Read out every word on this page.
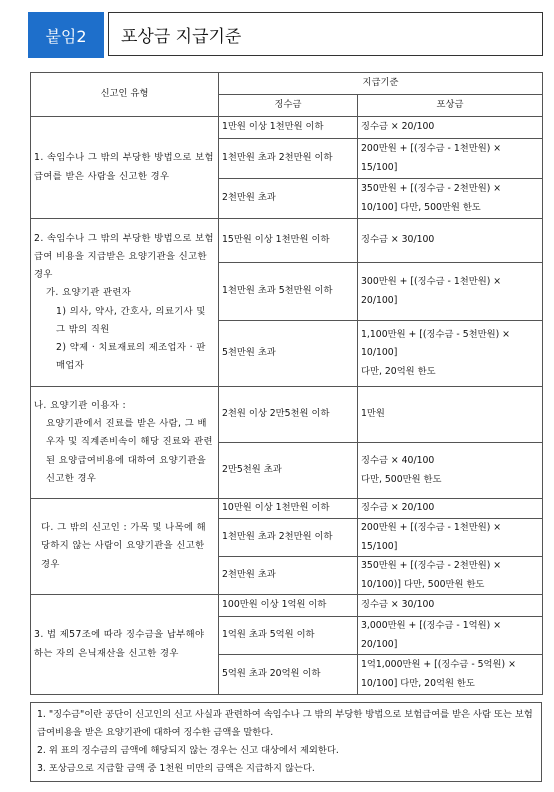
붙임2	포상금 지급기준
신고인 유형	지급기준	
	징수금	포상금
1. 속임수나 그 밖의 부당한 방법으로 보험급여를 받은 사람을 신고한 경우	1만원 이상 1천만원 이하	징수금 × 20/100
	1천만원 초과 2천만원 이하	200만원 + [(징수금 - 1천만원) × 15/100]
	2천만원 초과	350만원 + [(징수금 - 2천만원) × 10/100] 다만, 500만원 한도

2. 속임수나 그 밖의 부당한 방법으로 보험급여 비용을 지급받은 요양기관을 신고한 경우
가. 요양기관 관련자
1) 의사, 약사, 간호사, 의료기사 및 그 밖의 직원
2) 약제 · 치료재료의 제조업자 · 판매업자	15만원 이상 1천만원 이하	징수금 × 30/100
	1천만원 초과 5천만원 이하	300만원 + [(징수금 - 1천만원) × 20/100]
	5천만원 초과	1,100만원 + [(징수금 - 5천만원) × 10/100]
다만, 20억원 한도

나. 요양기관 이용자 :
요양기관에서 진료를 받은 사람, 그 배우자 및 직계존비속이 해당 진료와 관련된 요양급여비용에 대하여 요양기관을 신고한 경우	2천원 이상 2만5천원 이하	1만원
	2만5천원 초과	징수금 × 40/100
다만, 500만원 한도

다. 그 밖의 신고인 : 가목 및 나목에 해당하지 않는 사람이 요양기관을 신고한 경우	10만원 이상 1천만원 이하	징수금 × 20/100
	1천만원 초과 2천만원 이하	200만원 + [(징수금 - 1천만원) × 15/100]
	2천만원 초과	350만원 + [(징수금 - 2천만원) × 10/100)] 다만, 500만원 한도
3. 법 제57조에 따라 징수금을 납부해야 하는 자의 은닉재산을 신고한 경우	100만원 이상 1억원 이하	징수금 × 30/100
	1억원 초과 5억원 이하	3,000만원 + [(징수금 - 1억원) × 20/100]
	5억원 초과 20억원 이하	1억1,000만원 + [(징수금 - 5억원) × 10/100] 다만, 20억원 한도
1. "징수금"이란 공단이 신고인의 신고 사실과 관련하여 속임수나 그 밖의 부당한 방법으로 보험급여를 받은 사람 또는 보험급여비용을 받은 요양기관에 대하여 징수한 금액을 말한다.
2. 위 표의 징수금의 금액에 해당되지 않는 경우는 신고 대상에서 제외한다.
3. 포상금으로 지급할 금액 중 1천원 미만의 금액은 지급하지 않는다.
